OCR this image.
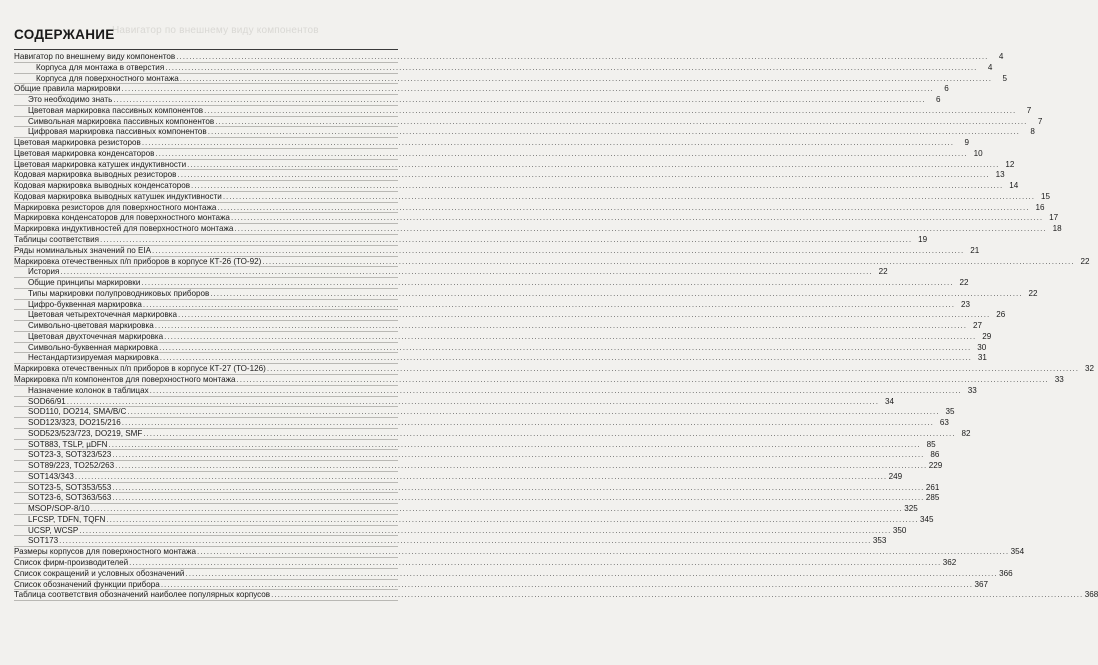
Навигатор по внешнему виду компонентов
СОДЕРЖАНИЕ
Навигатор по внешнему виду компонентов .....	4
Корпуса для монтажа в отверстия .....	4
Корпуса для поверхностного монтажа .....	5
Общие правила маркировки .....	6
Это необходимо знать .....	6
Цветовая маркировка пассивных компонентов .....	7
Символьная маркировка пассивных компонентов .....	7
Цифровая маркировка пассивных компонентов .....	8
Цветовая маркировка резисторов .....	9
Цветовая маркировка конденсаторов .....	10
Цветовая маркировка катушек индуктивности .....	12
Кодовая маркировка выводных резисторов .....	13
Кодовая маркировка выводных конденсаторов .....	14
Кодовая маркировка выводных катушек индуктивности .....	15
Маркировка резисторов для поверхностного монтажа .....	16
Маркировка конденсаторов для поверхностного монтажа .....	17
Маркировка индуктивностей для поверхностного монтажа .....	18
Таблицы соответствия .....	19
Ряды номинальных значений по EIA .....	21
Маркировка отечественных п/п приборов в корпусе КТ-26 (ТО-92) .....	22
История .....	22
Общие принципы маркировки .....	22
Типы маркировки полупроводниковых приборов .....	22
Цифро-буквенная маркировка .....	23
Цветовая четырехточечная маркировка .....	26
Символьно-цветовая маркировка .....	27
Цветовая двухточечная маркировка .....	29
Символьно-буквенная маркировка .....	30
Нестандартизируемая маркировка .....	31
Маркировка отечественных п/п приборов в корпусе КТ-27 (ТО-126) .....	32
Маркировка п/п компонентов для поверхностного монтажа .....	33
Назначение колонок в таблицах .....	33
SOD66/91 .....	34
SOD110, DO214, SMA/B/C .....	35
SOD123/323, DO215/216 .....	63
SOD523/523/723, DO219, SMF .....	82
SOT883, TSLP, µDFN .....	85
SOT23-3, SOT323/523 .....	86
SOT89/223, TO252/263 .....	229
SOT143/343 .....	249
SOT23-5, SOT353/553 .....	261
SOT23-6, SOT363/563 .....	285
MSOP/SOP-8/10 .....	325
LFCSP, TDFN, TQFN .....	345
UCSP, WCSP .....	350
SOT173 .....	353
Размеры корпусов для поверхностного монтажа .....	354
Список фирм-производителей .....	362
Список сокращений и условных обозначений .....	366
Список обозначений функции прибора .....	367
Таблица соответствия обозначений наиболее популярных корпусов .....	368
